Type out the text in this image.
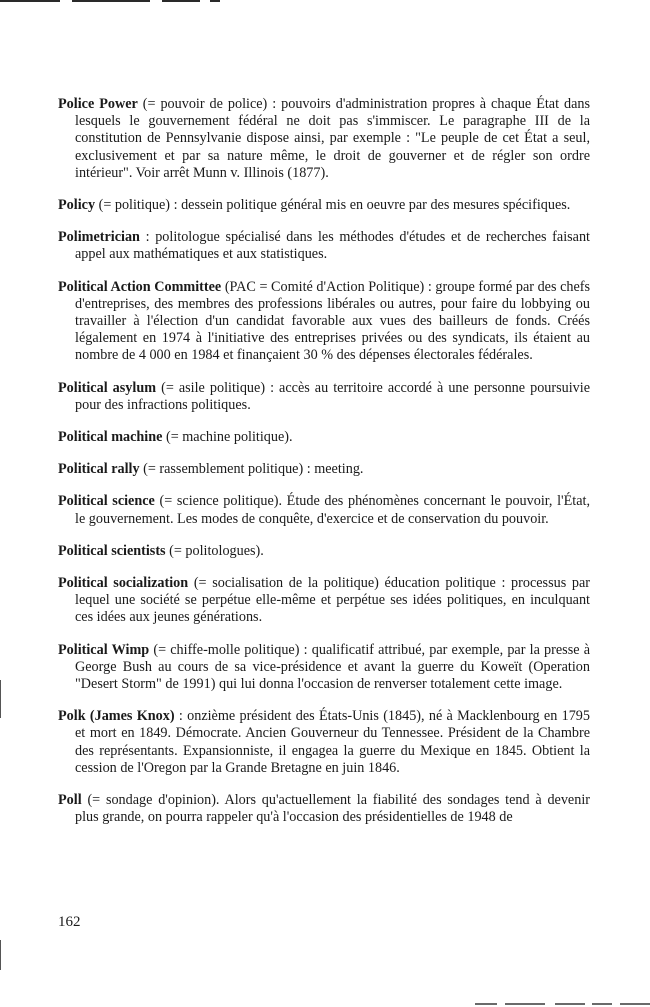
Police Power (= pouvoir de police) : pouvoirs d'administration propres à chaque État dans lesquels le gouvernement fédéral ne doit pas s'immiscer. Le paragraphe III de la constitution de Pennsylvanie dispose ainsi, par exemple : "Le peuple de cet État a seul, exclusivement et par sa nature même, le droit de gouverner et de régler son ordre intérieur". Voir arrêt Munn v. Illinois (1877).

Policy (= politique) : dessein politique général mis en oeuvre par des mesures spécifiques.

Polimetrician : politologue spécialisé dans les méthodes d'études et de recherches faisant appel aux mathématiques et aux statistiques.

Political Action Committee (PAC = Comité d'Action Politique) : groupe formé par des chefs d'entreprises, des membres des professions libérales ou autres, pour faire du lobbying ou travailler à l'élection d'un candidat favorable aux vues des bailleurs de fonds. Créés légalement en 1974 à l'initiative des entreprises privées ou des syndicats, ils étaient au nombre de 4 000 en 1984 et finançaient 30 % des dépenses électorales fédérales.

Political asylum (= asile politique) : accès au territoire accordé à une personne poursuivie pour des infractions politiques.

Political machine (= machine politique).

Political rally (= rassemblement politique) : meeting.

Political science (= science politique). Étude des phénomènes concernant le pouvoir, l'État, le gouvernement. Les modes de conquête, d'exercice et de conservation du pouvoir.

Political scientists (= politologues).

Political socialization (= socialisation de la politique) éducation politique : processus par lequel une société se perpétue elle-même et perpétue ses idées politiques, en inculquant ces idées aux jeunes générations.

Political Wimp (= chiffe-molle politique) : qualificatif attribué, par exemple, par la presse à George Bush au cours de sa vice-présidence et avant la guerre du Koweït (Operation "Desert Storm" de 1991) qui lui donna l'occasion de renverser totalement cette image.

Polk (James Knox) : onzième président des États-Unis (1845), né à Macklenbourg en 1795 et mort en 1849. Démocrate. Ancien Gouverneur du Tennessee. Président de la Chambre des représentants. Expansionniste, il engagea la guerre du Mexique en 1845. Obtient la cession de l'Oregon par la Grande Bretagne en juin 1846.

Poll (= sondage d'opinion). Alors qu'actuellement la fiabilité des sondages tend à devenir plus grande, on pourra rappeler qu'à l'occasion des présidentielles de 1948 de

162
